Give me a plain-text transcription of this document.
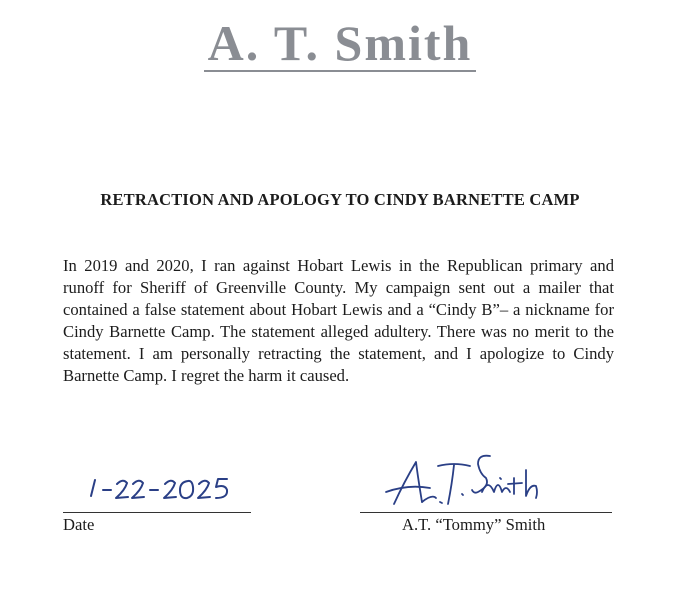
A. T. Smith
RETRACTION AND APOLOGY TO CINDY BARNETTE CAMP
In 2019 and 2020, I ran against Hobart Lewis in the Republican primary and runoff for Sheriff of Greenville County. My campaign sent out a mailer that contained a false statement about Hobart Lewis and a “Cindy B”– a nickname for Cindy Barnette Camp. The statement alleged adultery. There was no merit to the statement. I am personally retracting the statement, and I apologize to Cindy Barnette Camp. I regret the harm it caused.
Date	A.T. “Tommy” Smith
